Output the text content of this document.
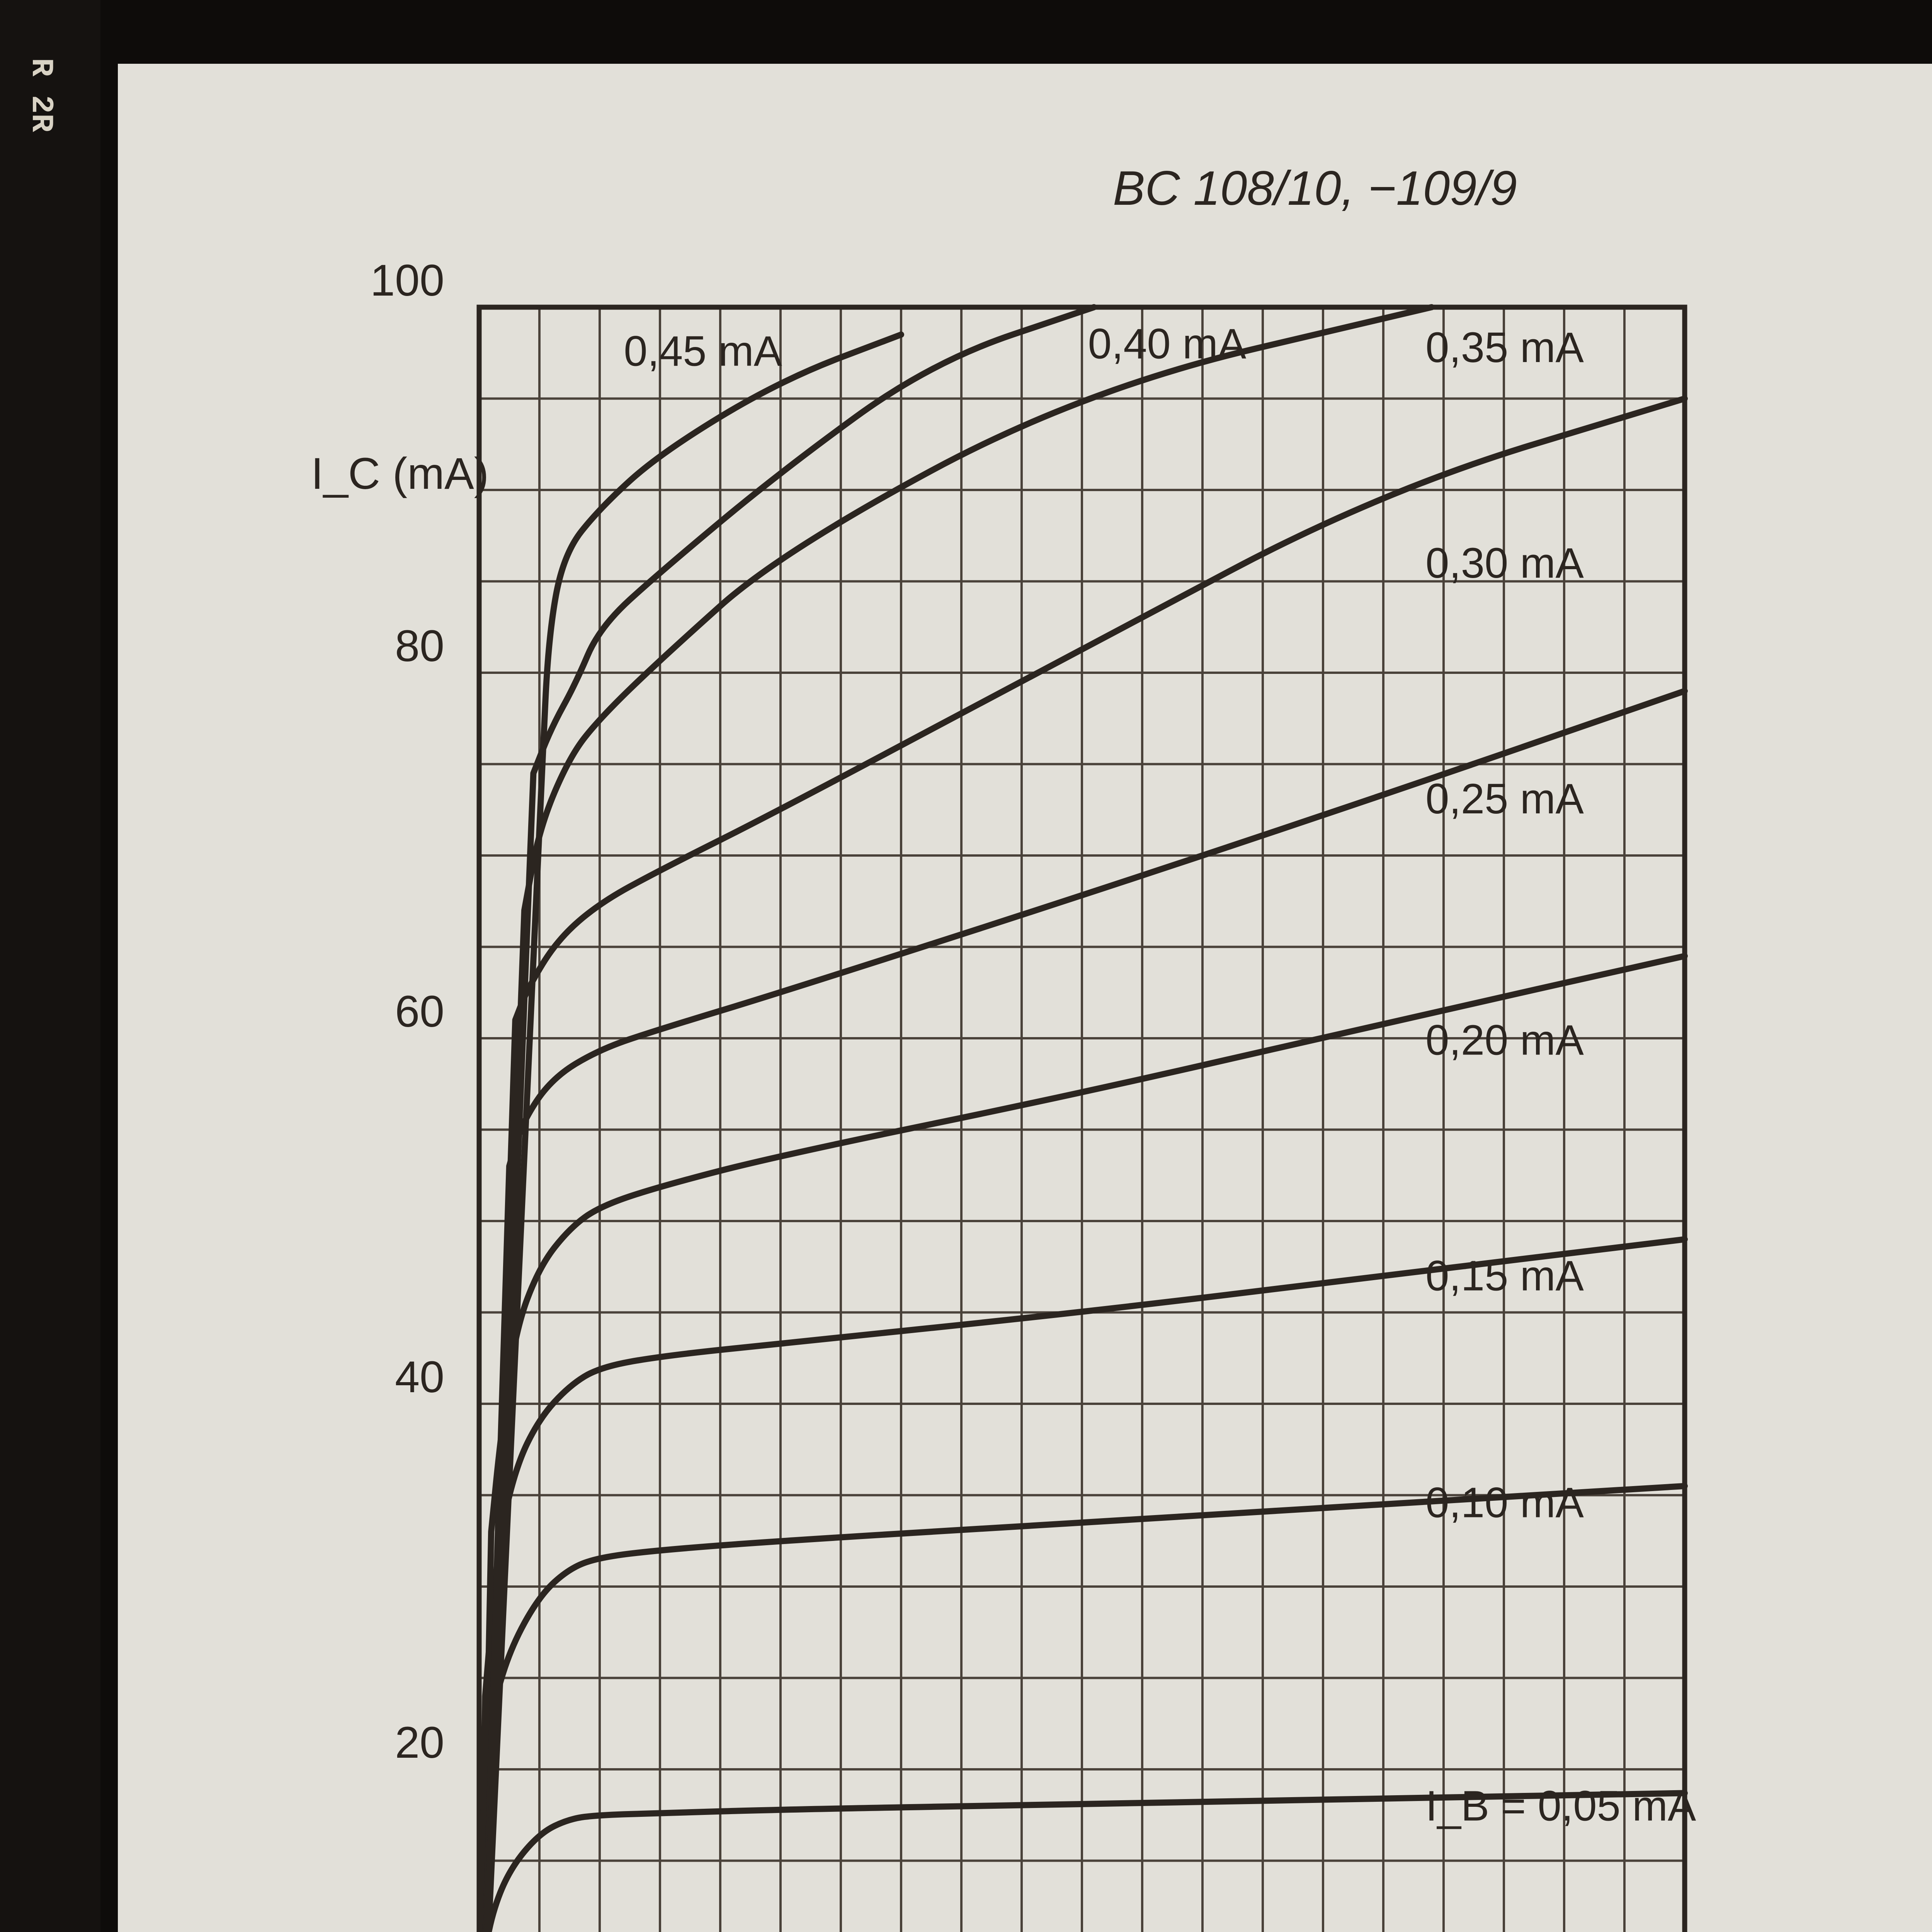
R 2R
20
40
60
80
100
I_B = 0,05 mA
0,10 mA
0,15 mA
0,20 mA
0,25 mA
0,30 mA
0,35 mA
0,40 mA
0,45 mA
BC 108/10, −109/9
I_C (mA)
